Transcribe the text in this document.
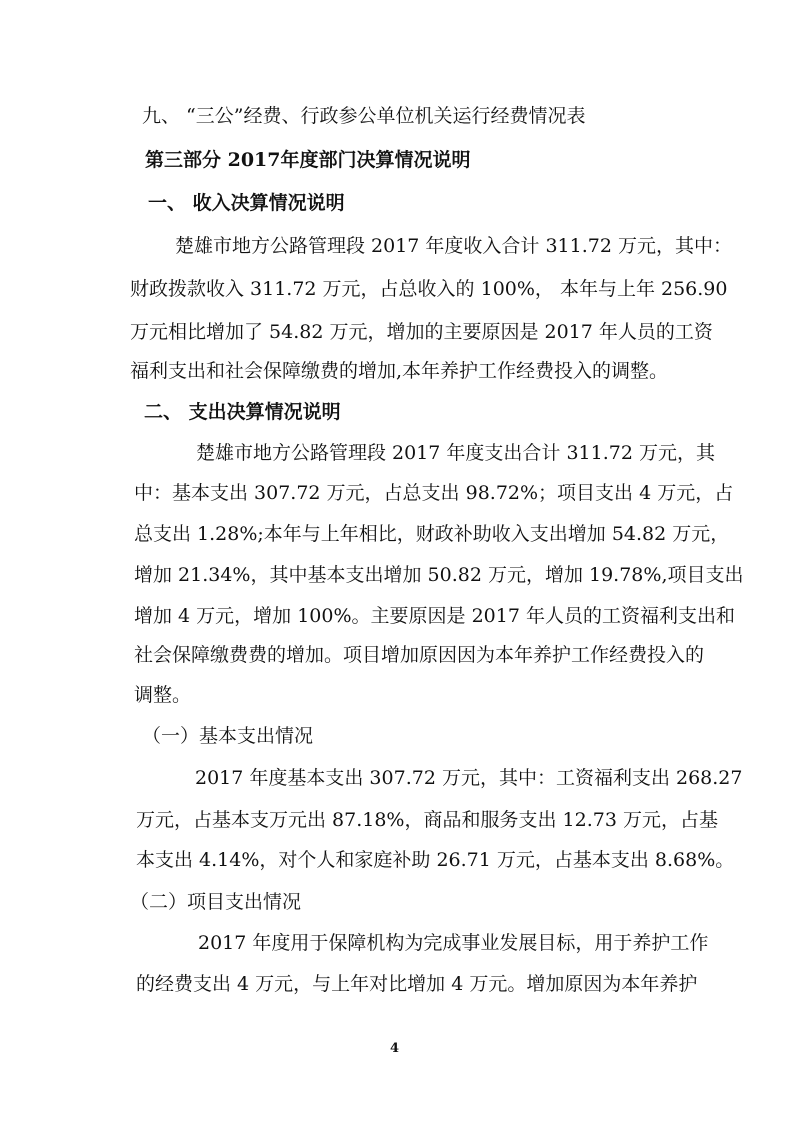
九、 “三公”经费、行政参公单位机关运行经费情况表
第三部分 2017年度部门决算情况说明
一、 收入决算情况说明
楚雄市地方公路管理段 2017 年度收入合计 311.72 万元，其中：
财政拨款收入 311.72 万元，占总收入的 100%， 本年与上年 256.90
万元相比增加了 54.82 万元，增加的主要原因是 2017 年人员的工资
福利支出和社会保障缴费的增加,本年养护工作经费投入的调整。
二、 支出决算情况说明
楚雄市地方公路管理段 2017 年度支出合计 311.72 万元，其
中：基本支出 307.72 万元，占总支出 98.72%；项目支出 4 万元，占
总支出 1.28%;本年与上年相比，财政补助收入支出增加 54.82 万元，
增加 21.34%，其中基本支出增加 50.82 万元，增加 19.78%,项目支出
增加 4 万元，增加 100%。主要原因是 2017 年人员的工资福利支出和
社会保障缴费费的增加。项目增加原因因为本年养护工作经费投入的
调整。
（一）基本支出情况
2017 年度基本支出 307.72 万元，其中：工资福利支出 268.27
万元，占基本支万元出 87.18%，商品和服务支出 12.73 万元，占基
本支出 4.14%，对个人和家庭补助 26.71 万元，占基本支出 8.68%。
（二）项目支出情况
2017 年度用于保障机构为完成事业发展目标，用于养护工作
的经费支出 4 万元，与上年对比增加 4 万元。增加原因为本年养护
4
